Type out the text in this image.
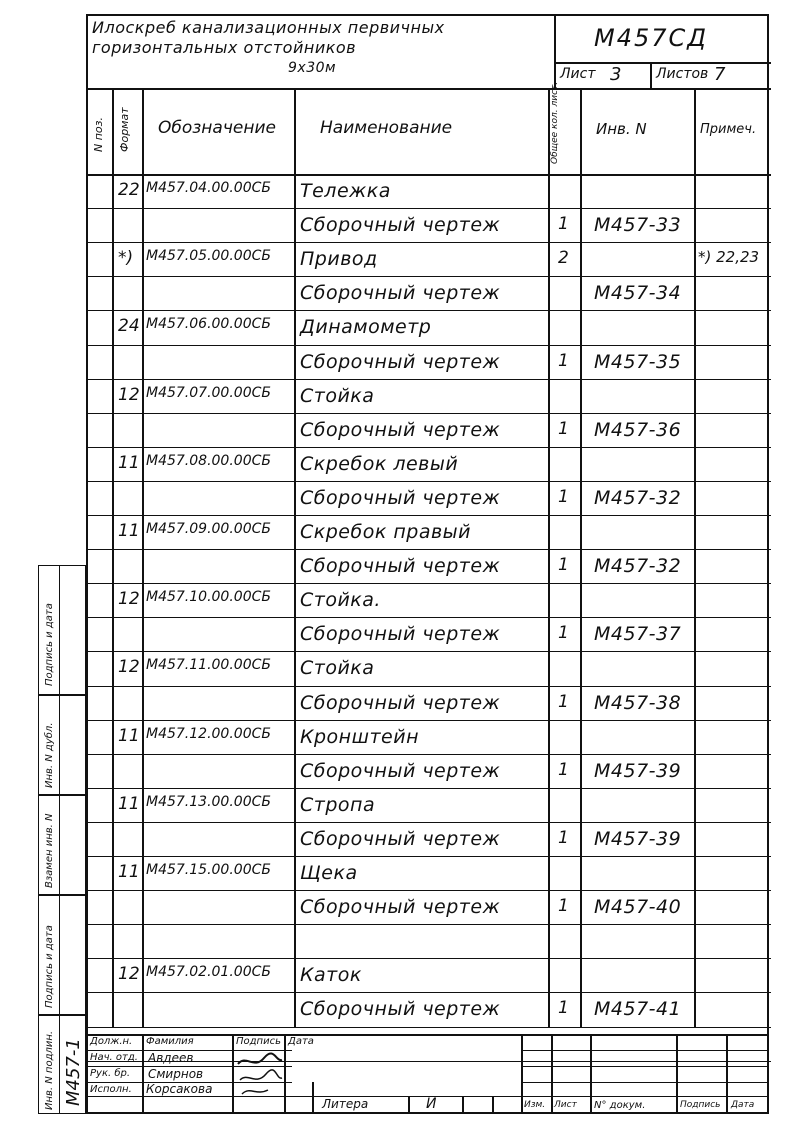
Илоскреб канализационных первичных
горизонтальных отстойников
9х30м
М457СД
Лист 3 Листов 7
N поз. Формат Обозначение	Наименование	Общее кол. лист. Инв. N	Примеч.
22 М457.04.00.00СБ Тележка
Сборочный чертеж	1 М457-33
*) М457.05.00.00СБ Привод	2	*) 22,23
Сборочный чертеж	М457-34
24 М457.06.00.00СБ Динамометр
Сборочный чертеж	1 М457-35
12 М457.07.00.00СБ Стойка
Сборочный чертеж	1 М457-36
11 М457.08.00.00СБ Скребок левый
Сборочный чертеж	1 М457-32
11 М457.09.00.00СБ Скребок правый
Сборочный чертеж	1 М457-32
12 М457.10.00.00СБ Стойка.
Сборочный чертеж	1 М457-37
12 М457.11.00.00СБ Стойка
Сборочный чертеж	1 М457-38
11 М457.12.00.00СБ Кронштейн
Сборочный чертеж	1 М457-39
11 М457.13.00.00СБ Стропа
Сборочный чертеж	1 М457-39
11 М457.15.00.00СБ Щека
Сборочный чертеж	1 М457-40
12 М457.02.01.00СБ Каток
Сборочный чертеж	1 М457-41
Подпись и дата
Инв. N дубл.
Взамен инв. N
Подпись и дата
Инв. N подлин. М457-1 Долж.н. Фамилия	Подпись Дата
Нач. отд. Авдеев
Рук. бр. Смирнов
Исполн. Корсакова
Литера	И	Изм. Лист N° докум.	Подпись Дата
